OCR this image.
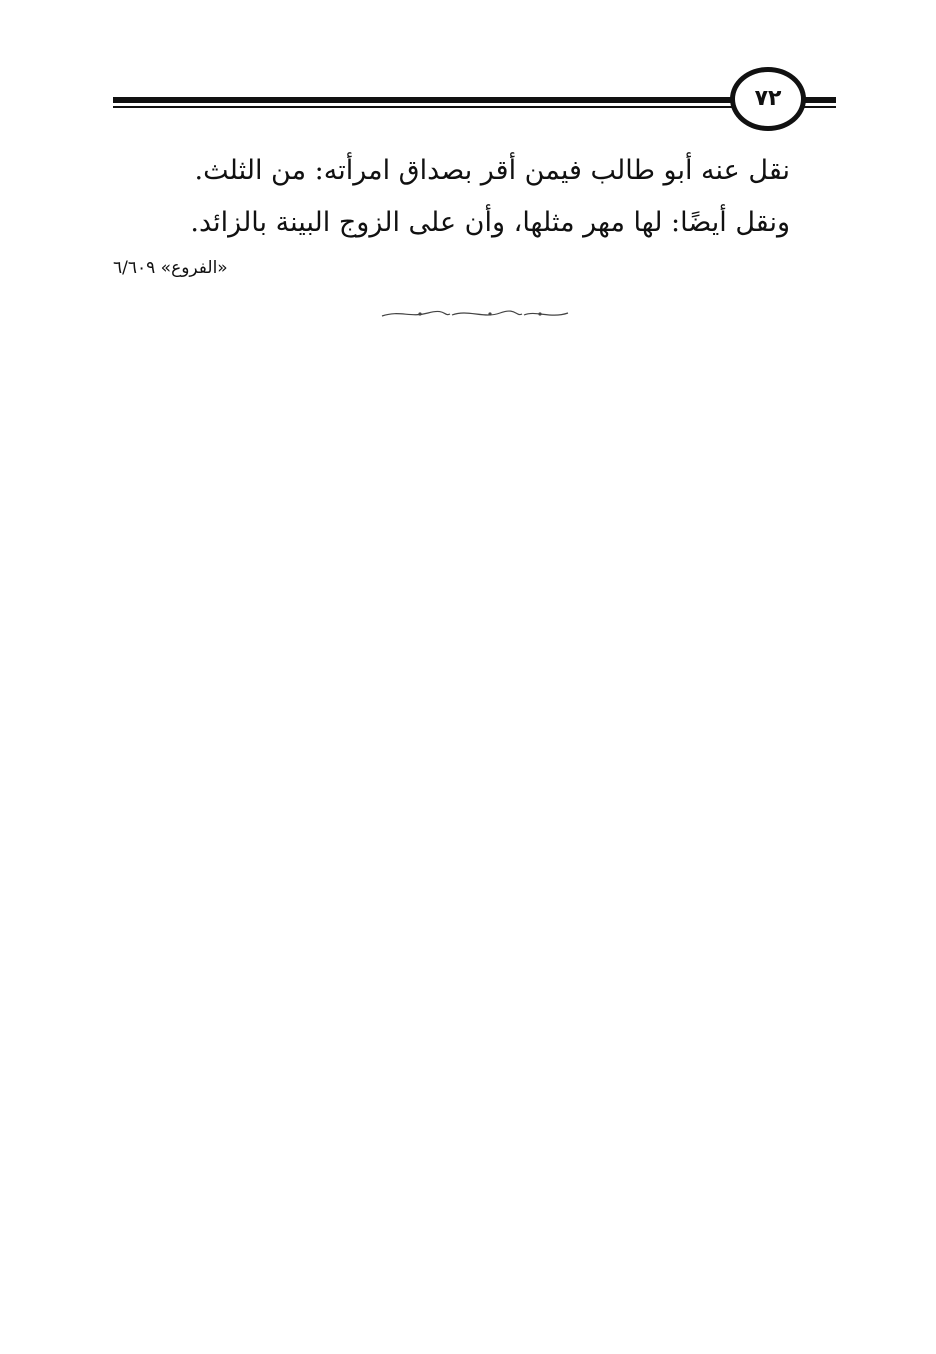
٧٢
نقل عنه أبو طالب فيمن أقر بصداق امرأته: من الثلث.
ونقل أيضًا: لها مهر مثلها، وأن على الزوج البينة بالزائد.
«الفروع» ٦/٦٠٩
